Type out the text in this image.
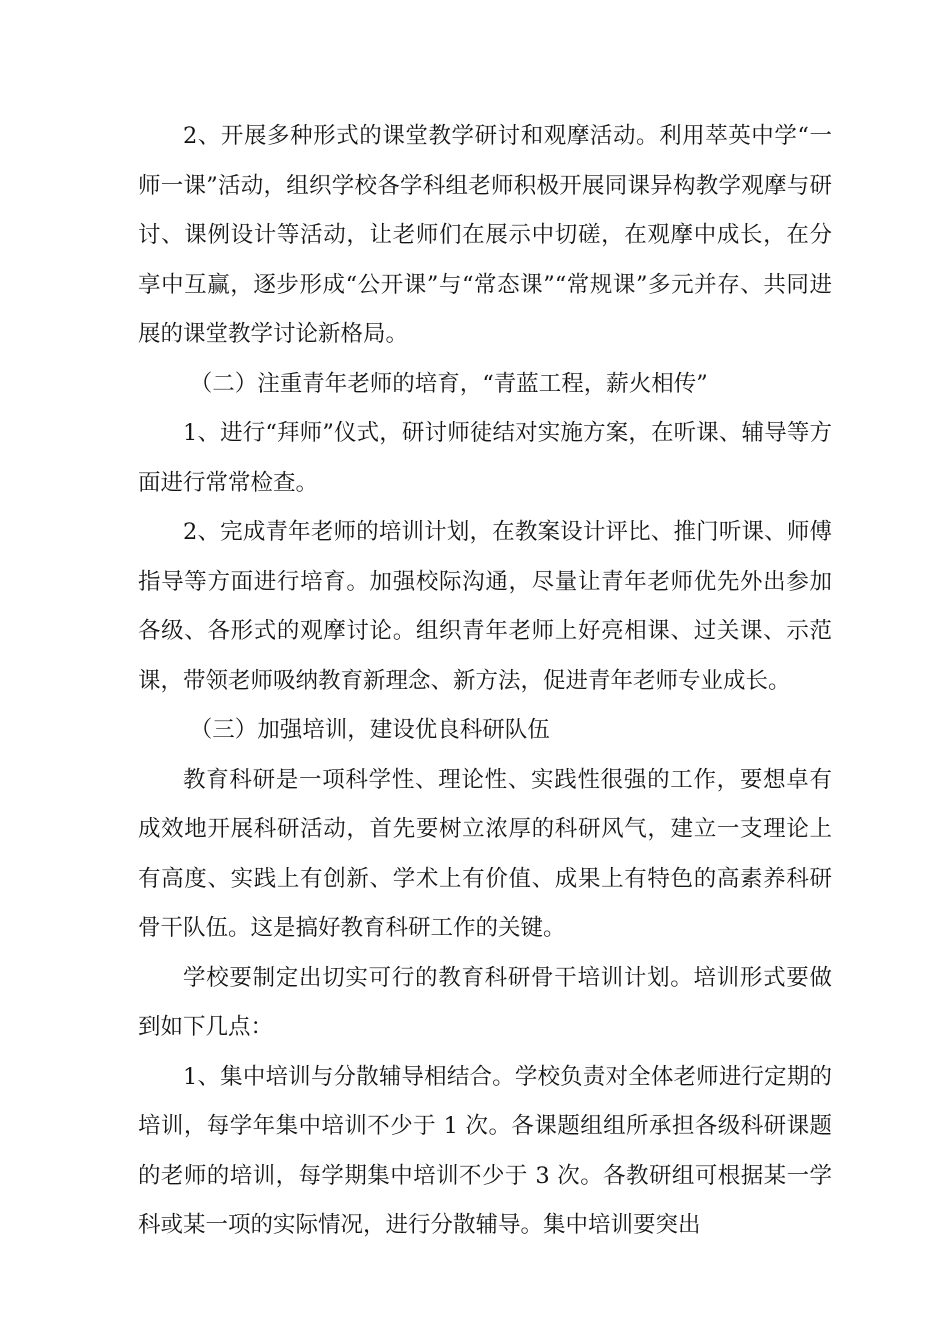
2、开展多种形式的课堂教学研讨和观摩活动。利用萃英中学“一师一课”活动，组织学校各学科组老师积极开展同课异构教学观摩与研讨、课例设计等活动，让老师们在展示中切磋，在观摩中成长，在分享中互赢，逐步形成“公开课”与“常态课”“常规课”多元并存、共同进展的课堂教学讨论新格局。

（二）注重青年老师的培育，“青蓝工程，薪火相传”

1、进行“拜师”仪式，研讨师徒结对实施方案，在听课、辅导等方面进行常常检查。

2、完成青年老师的培训计划，在教案设计评比、推门听课、师傅指导等方面进行培育。加强校际沟通，尽量让青年老师优先外出参加各级、各形式的观摩讨论。组织青年老师上好亮相课、过关课、示范课，带领老师吸纳教育新理念、新方法，促进青年老师专业成长。

（三）加强培训，建设优良科研队伍

教育科研是一项科学性、理论性、实践性很强的工作，要想卓有成效地开展科研活动，首先要树立浓厚的科研风气，建立一支理论上有高度、实践上有创新、学术上有价值、成果上有特色的高素养科研骨干队伍。这是搞好教育科研工作的关键。

学校要制定出切实可行的教育科研骨干培训计划。培训形式要做到如下几点：

1、集中培训与分散辅导相结合。学校负责对全体老师进行定期的培训，每学年集中培训不少于 1 次。各课题组组所承担各级科研课题的老师的培训，每学期集中培训不少于 3 次。各教研组可根据某一学科或某一项的实际情况，进行分散辅导。集中培训要突出
